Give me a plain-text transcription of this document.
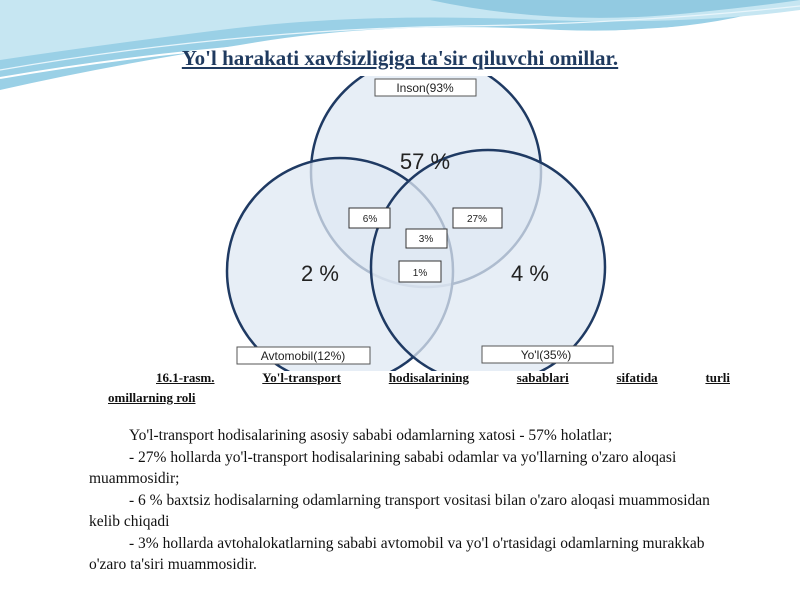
Yo'l harakati xavfsizligiga ta'sir qiluvchi omillar.
Inson(93%
Avtomobil(12%)	Yo'l(35%)
57 %
2 %	4 %
6%	27%
3%
1%
16.1-rasm.	Yo'l-transport	hodisalarining	sabablari	sifatida	turli
omillarning roli

Yo'l-transport hodisalarining asosiy sababi odamlarning xatosi - 57% holatlar;

- 27% hollarda yo'l-transport hodisalarining sababi odamlar va yo'llarning o'zaro aloqasi muammosidir;

- 6 % baxtsiz hodisalarning odamlarning transport vositasi bilan o'zaro aloqasi muammosidan kelib chiqadi

- 3% hollarda avtohalokatlarning sababi avtomobil va yo'l o'rtasidagi odamlarning murakkab o'zaro ta'siri muammosidir.
